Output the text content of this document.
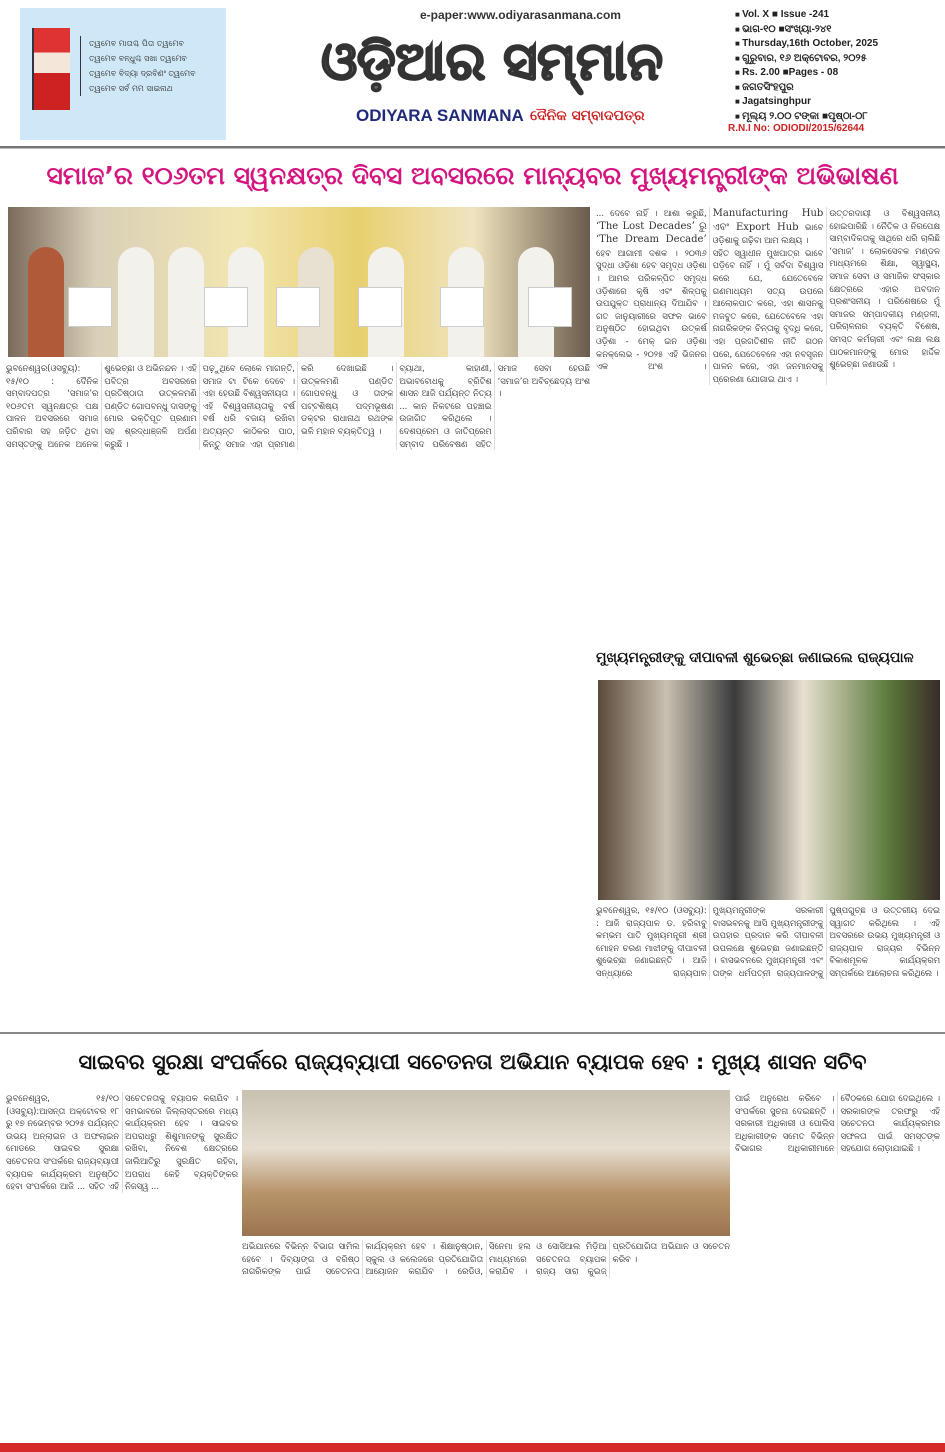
ତ୍ୱମେବ ମାତାଶ୍ଚ ପିତା ତ୍ୱମେବ
ତ୍ୱମେବ ବନ୍ଧୁଶ୍ଚ ସଖା ତ୍ୱମେବ
ତ୍ୱମେବ ବିଦ୍ୟା ଦ୍ରବିଣଂ ତ୍ୱମେବ
ତ୍ୱମେବ ସର୍ବ ମମ ସାଇନାଥ
e-paper:www.odiyarasanmana.com
ଓଡ଼ିଆର ସମ୍ମାନ
ODIYARA SANMANA ଦୈନିକ ସମ୍ବାଦପତ୍ର
■ Vol. X ■ Issue -241
■ ଭାଗ-୧୦ ■ସଂଖ୍ୟା-୨୪୧
■ Thursday,16th October, 2025
■ ଗୁରୁବାର, ୧୬ ଅକ୍ଟୋବର, ୨୦୨୫
■ Rs. 2.00 ■Pages - 08
■ ଜଗତସିଂହପୁର
■ Jagatsinghpur
■ ମୂଲ୍ୟ ୨.୦୦ ଟଙ୍କା ■ପୃଷ୍ଠା-୦୮
R.N.I No: ODIODI/2015/62644
ସମାଜ’ର ୧୦୬ତମ ସ୍ୱନକ୍ଷତ୍ର ଦିବସ ଅବସରରେ ମାନ୍ୟବର ମୁଖ୍ୟମନ୍ତ୍ରୀଙ୍କ ଅଭିଭାଷଣ

ଭୁବନେଶ୍ୱର(ଓସବ୍ୟୁ): ୧୫/୧୦ : ଦୈନିକ ସମ୍ବାଦପତ୍ର ‘ସମାଜ’ର ୧୦୬ତମ ସ୍ୱନକ୍ଷତ୍ର ପକ୍ଷ ପାଳନ ଅବସରରେ ସମାଜ ପରିବାର ସହ ଜଡ଼ିତ ଥିବା ସମସ୍ତଙ୍କୁ ଅନେକ ଅନେକ ଶୁଭେଚ୍ଛା ଓ ଅଭିନନ୍ଦନ । ଏହି ପବିତ୍ର ଅବସରରେ ପ୍ରତିଷ୍ଠାତା ଉତ୍କଳମଣି ପଣ୍ଡିତ ଗୋପବନ୍ଧୁ ଦାସଙ୍କୁ ମୋର ଭକ୍ତିପୂତ ପ୍ରଣାମ ସହ ଶ୍ରଦ୍ଧାଞ୍ଜଳି ଅର୍ପଣ କରୁଛି ।

ପଢ଼ୁଥିବେ ଲୋକେ ମାଗନ୍ତି, ସମାଜ ଟା ଟିକେ ଦେବେ । ଏହା ହେଉଛି ବିଶ୍ୱସନୀୟତା । ଏହି ବିଶ୍ୱସନୀୟତାକୁ ବର୍ଷ ବର୍ଷ ଧରି ବଜାୟ ରଖିବା ଅତ୍ୟନ୍ତ କାଠିକର ପାଠ, କିନ୍ତୁ ସମାଜ ଏହା ପ୍ରମାଣ କରି ଦେଖାଇଛି । ଉତ୍କଳମଣି ପଣ୍ଡିତ ଗୋପବନ୍ଧୁ ଓ ତାଙ୍କ ପଟ୍ଟଶିଷ୍ୟ ପଦ୍ମଭୂଷଣ ଡକ୍ଟର ରାଧାନାଥ ରଥଙ୍କ ଭଳି ମହାନ ବ୍ୟକ୍ତିତ୍ୱ ।

ବ୍ୟାଥା, କାହାଣୀ, ଅଭାବବୋଧକୁ ବ୍ରିଟିଶ ଶାସନ ଆଜି ପର୍ଯ୍ୟନ୍ତ ନିତ୍ୟ ... କାନ ନିକଟରେ ପହଞ୍ଚାଇ ଉଜାଗିତ କରିଥିଲେ । ଦେଶପ୍ରେମ ଓ ଜାତିପ୍ରେମ ସମ୍ବାଦ ପରିବେଷଣ ସହିତ ସମାଜ ସେବା ହେଉଛି ‘ସମାଜ’ର ଅବିଚ୍ଛେଦ୍ୟ ଅଂଶ ।

... ଦେବେ ନାହିଁ । ଆଶା କରୁଛି, ‘The Lost Decades’ ରୁ ‘The Dream Decade’ ହେବ ଆଗାମୀ ଦଶକ । ୨୦୩୬ ସୁଦ୍ଧା ଓଡ଼ିଶା ହେବ ସମୃଦ୍ଧ ଓଡ଼ିଶା । ଆମର ପରିକଳ୍ପିତ ସମୃଦ୍ଧ ଓଡ଼ିଶାରେ କୃଷି ଏବଂ ଶିଳ୍ପକୁ ଉପଯୁକ୍ତ ପ୍ରାଧାନ୍ୟ ଦିଆଯିବ । ଗତ ଜାନୁୟାରୀରେ ସଫଳ ଭାବେ ଅନୁଷ୍ଠିତ ହୋଇଥିବା ଉତ୍କର୍ଷ ଓଡ଼ିଶା - ମେକ୍ ଇନ ଓଡ଼ିଶା କନକ୍ଲେଭ - ୨୦୨୫ ଏହି ଭିଜନର ଏକ ଅଂଶ । Manufacturing Hub ଏବଂ Export Hub ଭାବେ ଓଡ଼ିଶାକୁ ଗଢ଼ିବା ଆମ ଲକ୍ଷ୍ୟ ।

ସହିତ ସ୍ୱାଧୀନ ମୁଖପାତ୍ର ଭାବେ ପଡ଼ିବେ ନାହିଁ । ମୁଁ ସର୍ବଦା ବିଶ୍ୱାସ କରେ ଯେ, ଯେତେବେଳେ ଗଣମାଧ୍ୟମ ସତ୍ୟ ଉପରେ ଆଲୋକପାତ କରେ, ଏହା ଶାସନକୁ ମଜବୁତ କରେ, ଯେତେବେଳେ ଏହା ନାଗରିକଙ୍କ ଚିନ୍ତାକୁ ବୃଦ୍ଧି କରେ, ଏହା ପ୍ରଗତିଶୀଳ ନୀତି ଗଠନ ପରେ, ଯେତେବେଳେ ଏହା ନବସୃଜନ ପାଳନ କରେ, ଏହା ଜନମାନସକୁ ପ୍ରେରଣା ଯୋଗାଇ ଥାଏ ।

ଉତ୍ତରଦାୟୀ ଓ ବିଶ୍ୱସନୀୟ ହୋଇପାରିଛି । ନୈତିକ ଓ ନିରପେକ୍ଷ ସାମ୍ବାଦିକତାକୁ ସାଥିରେ ଧରି ଚାଲିଛି ‘ସମାଜ’ । ଲୋକସେବକ ମଣ୍ଡଳ ମାଧ୍ୟମରେ ଶିକ୍ଷା, ସ୍ୱାସ୍ଥ୍ୟ, ସମାଜ ସେବା ଓ ସମାଜିକ ସଂସ୍କାର କ୍ଷେତ୍ରରେ ଏହାର ଅବଦାନ ପ୍ରଶଂସନୀୟ । ପରିଶେଷରେ ମୁଁ ସମାଜର ସମ୍ପାଦକୀୟ ମଣ୍ଡଳୀ, ପରିଚାଳନାର ବ୍ୟକ୍ତି ବିଶେଷ, ସମସ୍ତ କର୍ମଚାରୀ ଏବଂ ଲକ୍ଷ ଲକ୍ଷ ପାଠକମାନଙ୍କୁ ମୋର ହାର୍ଦ୍ଦିକ ଶୁଭେଚ୍ଛା ଜଣାଉଛି ।

ମୁଖ୍ୟମନ୍ତ୍ରୀଙ୍କୁ ଦୀପାବଳୀ ଶୁଭେଚ୍ଛା ଜଣାଇଲେ ରାଜ୍ୟପାଳ

ଭୁବନେଶ୍ୱର, ୧୫/୧୦ (ଓସବ୍ୟୁ): : ଆଜି ରାଜ୍ୟପାଳ ଡ. ହରିବାବୁ କମ୍ଭମ ପାତି ମୁଖ୍ୟମନ୍ତ୍ରୀ ଶ୍ରୀ ମୋହନ ଚରଣ ମାଝୀଙ୍କୁ ଦୀପାବଳୀ ଶୁଭେଚ୍ଛା ଜଣାଇଛନ୍ତି । ଆଜି ସନ୍ଧ୍ୟାରେ ରାଜ୍ୟପାଳ ମୁଖ୍ୟମନ୍ତ୍ରୀଙ୍କ ସରକାରୀ ବାସଭବନକୁ ଆସି ମୁଖ୍ୟମନ୍ତ୍ରୀଙ୍କୁ ଉପହାର ପ୍ରଦାନ କରି ଦୀପାବଳୀ ଉପଲକ୍ଷେ ଶୁଭେଚ୍ଛା ଜଣାଇଛନ୍ତି । ବାସଭବନରେ ମୁଖ୍ୟମନ୍ତ୍ରୀ ଏବଂ ତାଙ୍କ ଧର୍ମପତ୍ନୀ ରାଜ୍ୟପାଳଙ୍କୁ ପୁଷ୍ପଗୁଚ୍ଛ ଓ ଉତ୍ତରୀୟ ଦେଇ ସ୍ୱାଗତ କରିଥିଲେ । ଏହି ଅବସରରେ ଉଭୟ ମୁଖ୍ୟମନ୍ତ୍ରୀ ଓ ରାଜ୍ୟପାଳ ରାଜ୍ୟର ବିଭିନ୍ନ ବିକାଶମୂଳକ କାର୍ଯ୍ୟକ୍ରମ ସମ୍ପର୍କରେ ଆଲୋଚନା କରିଥିଲେ ।

ସାଇବର ସୁରକ୍ଷା ସଂପର୍କରେ ରାଜ୍ୟବ୍ୟାପୀ ସଚେତନତା ଅଭିଯାନ ବ୍ୟାପକ ହେବ : ମୁଖ୍ୟ ଶାସନ ସଚିବ

ଭୁବନେଶ୍ୱର, ୧୫/୧୦ (ଓସବ୍ୟୁ):ଆସନ୍ତା ଅକ୍ଟୋବର ୧୮ ରୁ ୧୭ ନଭେମ୍ବର ୨୦୨୫ ପର୍ଯ୍ୟନ୍ତ ଉଭୟ ଅନ୍‌ଲାଇନ ଓ ଅଫଲାଇନ ମୋଡରେ ସାଇବର ସୁରକ୍ଷା ସଚେତନତା ସଂପର୍କରେ ରାଜ୍ୟବ୍ୟାପୀ ବ୍ୟାପକ କାର୍ଯ୍ୟକ୍ରମ ଅନୁଷ୍ଠିତ ହେବା ସଂପର୍କରେ ଆଜି ... ସହିତ ଏହି ସଚେତନତାକୁ ବ୍ୟାପକ କରାଯିବ । ସମଭାବରେ ଜିଲ୍ଲାସ୍ତରରେ ମଧ୍ୟ କାର୍ଯ୍ୟକ୍ରମ ହେବ । ସାଇବର ଅପରାଧରୁ ଶିଶୁମାନଙ୍କୁ ସୁରକ୍ଷିତ ରଖିବା, ନିବେଶ କ୍ଷେତ୍ରରେ ଜାଲିଆତିରୁ ସୁରକ୍ଷିତ ରହିବା, ଅପରାଧ କେହି ବ୍ୟକ୍ତିଙ୍କର ନିଜସ୍ୱ ...

ଅଭିଯାନରେ ବିଭିନ୍ନ ବିଭାଗ ସାମିଲ ହେବେ । ଦିବ୍ୟାଙ୍ଗ ଓ ବରିଷ୍ଠ ନାଗରିକଙ୍କ ପାଇଁ ସଚେତନତା କାର୍ଯ୍ୟକ୍ରମ ହେବ । ଶିକ୍ଷାନୁଷ୍ଠାନ, ସ୍କୁଲ ଓ କଲେଜରେ ପ୍ରତିଯୋଗିତା ଆୟୋଜନ କରାଯିବ । ରେଡିଓ, ସିନେମା ହଲ ଓ ସୋସିଆଲ ମିଡ଼ିଆ ମାଧ୍ୟମରେ ସଚେତନତା ବ୍ୟାପକ କରାଯିବ । ରାଜ୍ୟ ସାରା କୁଇଜ୍ ପ୍ରତିଯୋଗିତା ଅଭିଯାନ ଓ ସଚେତନ କରିବ ।

ପାଇଁ ଅନୁରୋଧ କରିବେ । ସଂପର୍କରେ ସୁଚନା ଦେଇଛନ୍ତି । ସରକାରୀ ଅଧିକାରୀ ଓ ପୋଲିସ ଅଧିକାରୀଙ୍କ ସମେତ ବିଭିନ୍ନ ବିଭାଗର ଅଧିକାରୀମାନେ ବୈଠକରେ ଯୋଗ ଦେଇଥିଲେ । ସରକାରଙ୍କ ତରଫରୁ ଏହି ସଚେତନତା କାର୍ଯ୍ୟକ୍ରମର ସଫଳତା ପାଇଁ ସମସ୍ତଙ୍କ ସହଯୋଗ ଲୋଡ଼ାଯାଇଛି ।
